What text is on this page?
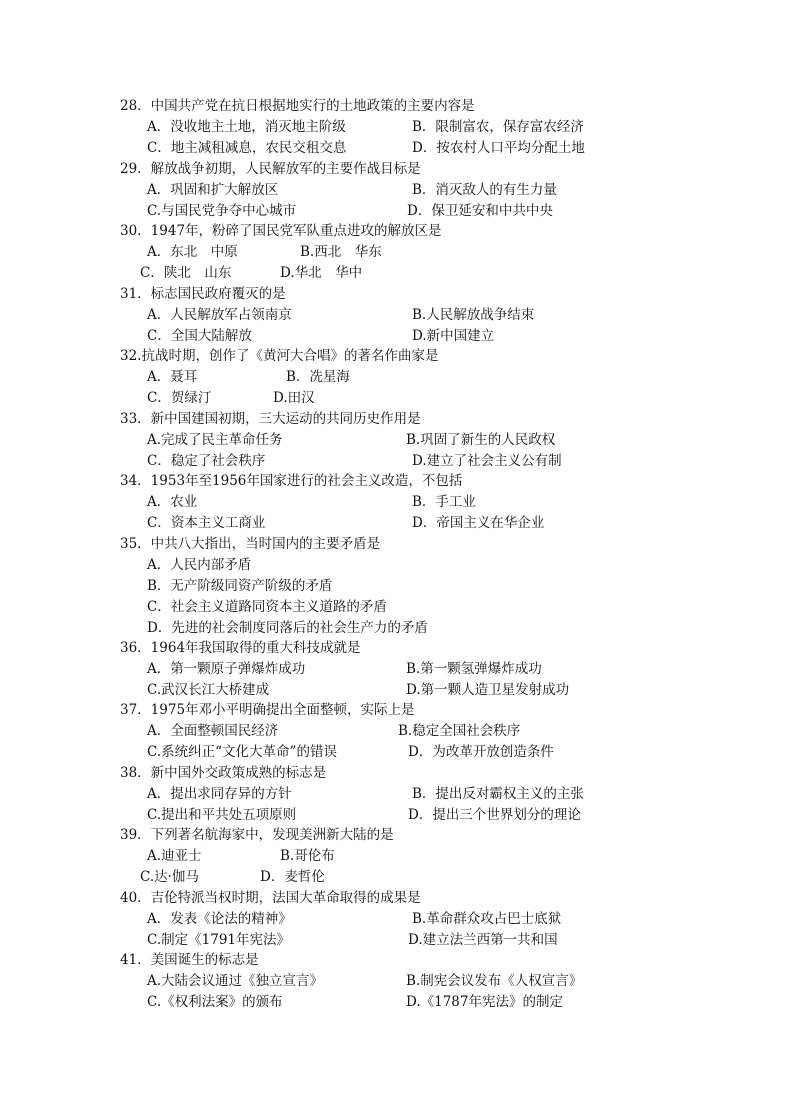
28．中国共产党在抗日根据地实行的土地政策的主要内容是
A．没收地主土地，消灭地主阶级	B．限制富农，保存富农经济
C．地主减租减息，农民交租交息	D．按农村人口平均分配土地
29．解放战争初期，人民解放军的主要作战目标是
A．巩固和扩大解放区	B．消灭敌人的有生力量
C.与国民党争夺中心城市	D．保卫延安和中共中央
30．1947年，粉碎了国民党军队重点进攻的解放区是
A．东北　中原	B.西北　华东
C．陕北　山东	D.华北　华中
31．标志国民政府覆灭的是
A．人民解放军占领南京	B.人民解放战争结束
C．全国大陆解放	D.新中国建立
32.抗战时期，创作了《黄河大合唱》的著名作曲家是
A．聂耳	B．冼星海
C．贺绿汀	D.田汉
33．新中国建国初期，三大运动的共同历史作用是
A.完成了民主革命任务	B.巩固了新生的人民政权
C．稳定了社会秩序	D.建立了社会主义公有制
34．1953年至1956年国家进行的社会主义改造，不包括
A．农业	B．手工业
C．资本主义工商业	D．帝国主义在华企业
35．中共八大指出，当时国内的主要矛盾是
A．人民内部矛盾
B．无产阶级同资产阶级的矛盾
C．社会主义道路同资本主义道路的矛盾
D．先进的社会制度同落后的社会生产力的矛盾
36．1964年我国取得的重大科技成就是
A．第一颗原子弹爆炸成功	B.第一颗氢弹爆炸成功
C.武汉长江大桥建成	D.第一颗人造卫星发射成功
37．1975年邓小平明确提出全面整顿，实际上是
A．全面整顿国民经济	B.稳定全国社会秩序
C.系统纠正“文化大革命”的错误	D．为改革开放创造条件
38．新中国外交政策成熟的标志是
A．提出求同存异的方针	B．提出反对霸权主义的主张
C.提出和平共处五项原则	D．提出三个世界划分的理论
39．下列著名航海家中，发现美洲新大陆的是
A.迪亚士	B.哥伦布
C.达·伽马	D．麦哲伦
40．吉伦特派当权时期，法国大革命取得的成果是
A．发表《论法的精神》	B.革命群众攻占巴士底狱
C.制定《1791年宪法》	D.建立法兰西第一共和国
41．美国诞生的标志是
A.大陆会议通过《独立宣言》	B.制宪会议发布《人权宣言》
C.《权利法案》的颁布	D.《1787年宪法》的制定
